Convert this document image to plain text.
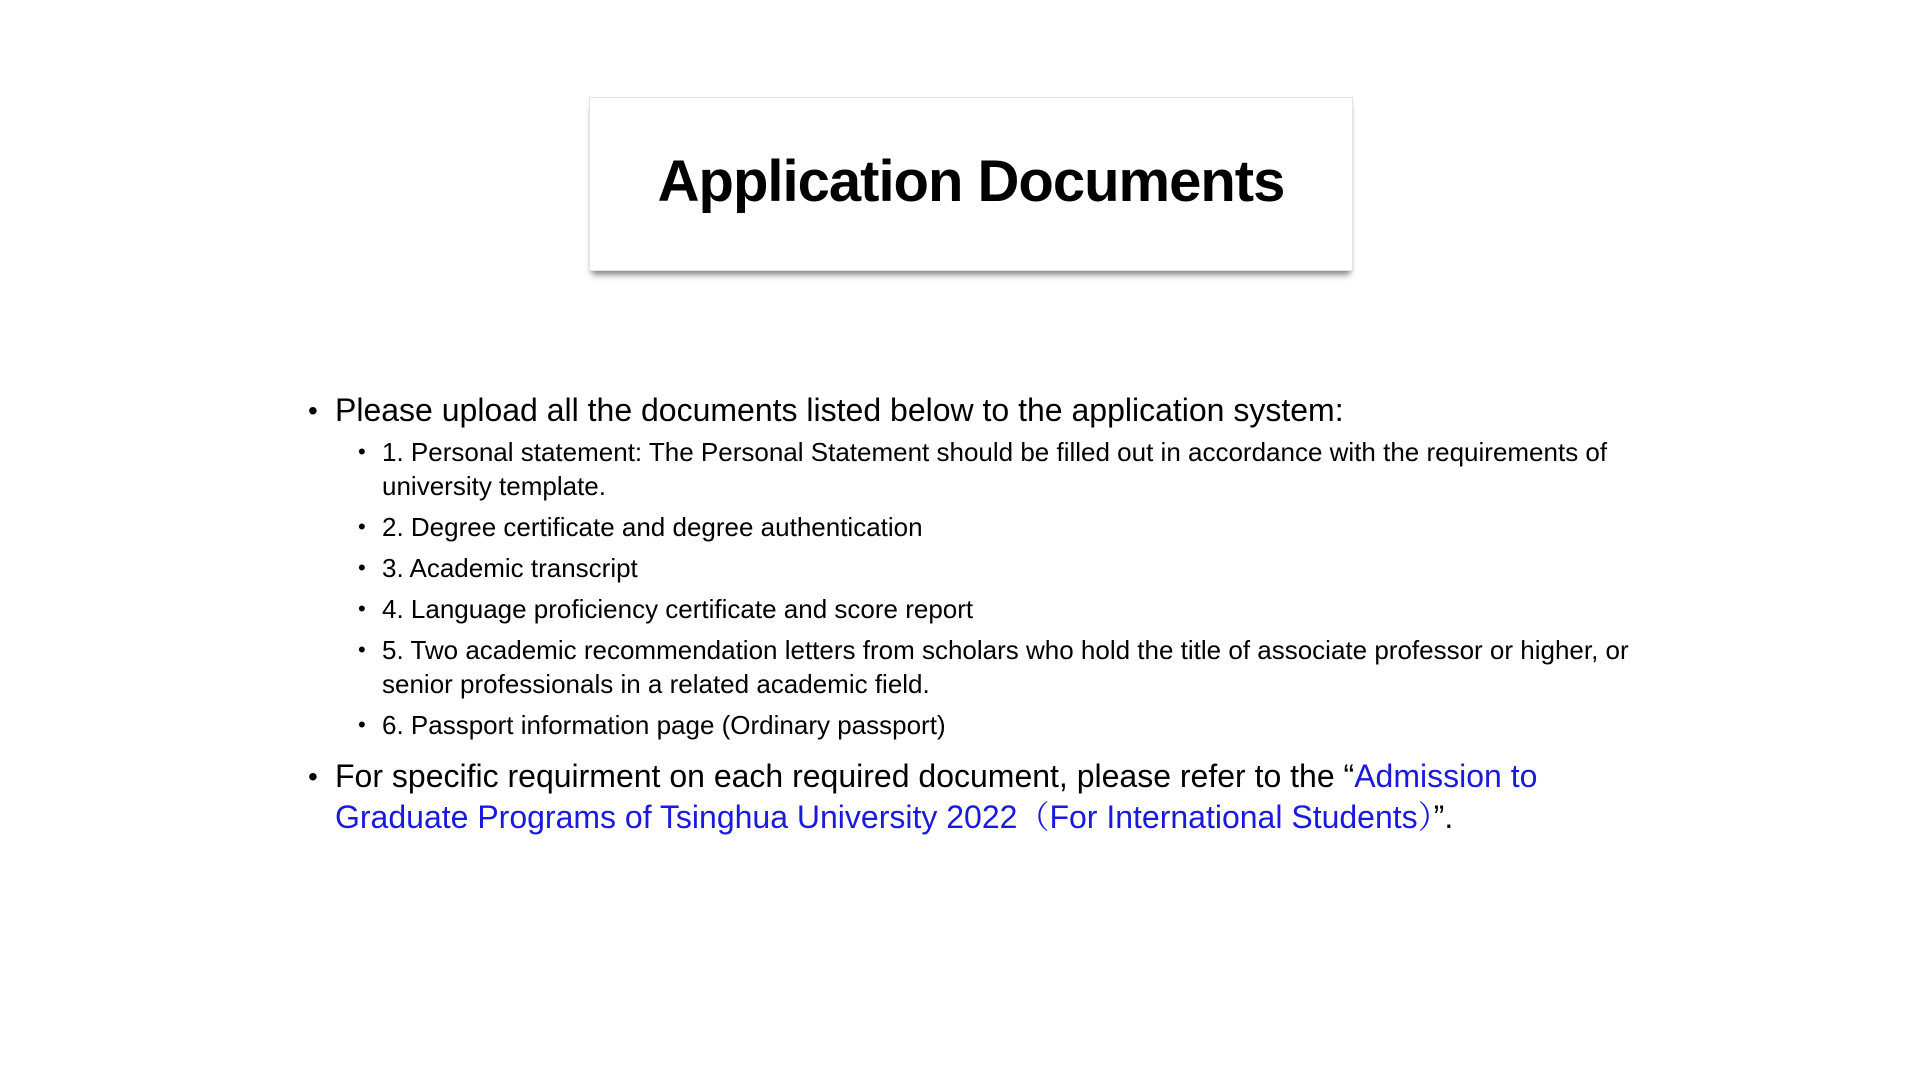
Application Documents

• Please upload all the documents listed below to the application system:

• 1. Personal statement: The Personal Statement should be filled out in accordance with the requirements of university template.
• 2. Degree certificate and degree authentication
• 3. Academic transcript
• 4. Language proficiency certificate and score report
• 5. Two academic recommendation letters from scholars who hold the title of associate professor or higher, or senior professionals in a related academic field.
• 6. Passport information page (Ordinary passport)

• For specific requirment on each required document, please refer to the “Admission to Graduate Programs of Tsinghua University 2022（For International Students）”.
